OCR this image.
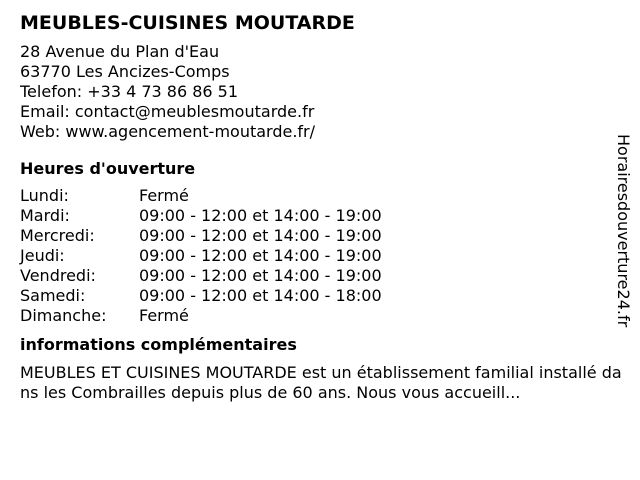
MEUBLES-CUISINES MOUTARDE
28 Avenue du Plan d'Eau
63770 Les Ancizes-Comps
Telefon: +33 4 73 86 86 51
Email: contact@meublesmoutarde.fr
Web: www.agencement-moutarde.fr/
Heures d'ouverture
Lundi:	Fermé
Mardi:	09:00 - 12:00 et 14:00 - 19:00
Mercredi:	09:00 - 12:00 et 14:00 - 19:00
Jeudi:	09:00 - 12:00 et 14:00 - 19:00
Vendredi:	09:00 - 12:00 et 14:00 - 19:00
Samedi:	09:00 - 12:00 et 14:00 - 18:00
Dimanche:	Fermé
informations complémentaires
MEUBLES ET CUISINES MOUTARDE est un établissement familial installé dans les Combrailles depuis plus de 60 ans. Nous vous accueill...
Horairesdouverture24.fr
